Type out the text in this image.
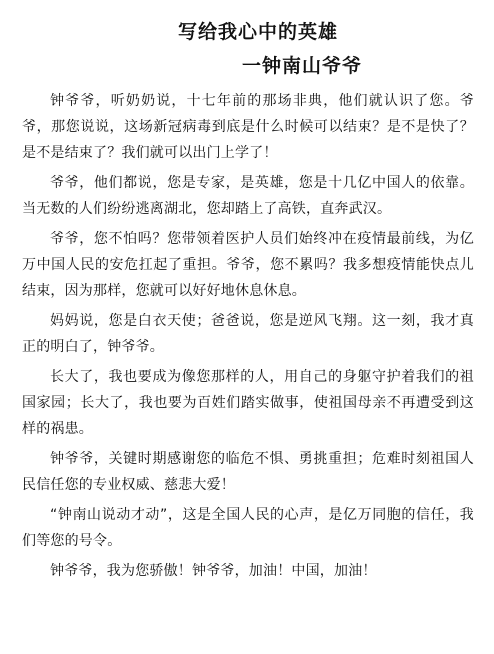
写给我心中的英雄
一钟南山爷爷

钟爷爷，听奶奶说，十七年前的那场非典，他们就认识了您。爷爷，那您说说，这场新冠病毒到底是什么时候可以结束？是不是快了？是不是结束了？我们就可以出门上学了！

爷爷，他们都说，您是专家，是英雄，您是十几亿中国人的依靠。当无数的人们纷纷逃离湖北，您却踏上了高铁，直奔武汉。

爷爷，您不怕吗？您带领着医护人员们始终冲在疫情最前线，为亿万中国人民的安危扛起了重担。爷爷，您不累吗？我多想疫情能快点儿结束，因为那样，您就可以好好地休息休息。

妈妈说，您是白衣天使；爸爸说，您是逆风飞翔。这一刻，我才真正的明白了，钟爷爷。

长大了，我也要成为像您那样的人，用自己的身躯守护着我们的祖国家园；长大了，我也要为百姓们踏实做事，使祖国母亲不再遭受到这样的祸患。

钟爷爷，关键时期感谢您的临危不惧、勇挑重担；危难时刻祖国人民信任您的专业权威、慈悲大爱！

“钟南山说动才动”，这是全国人民的心声，是亿万同胞的信任，我们等您的号令。

钟爷爷，我为您骄傲！钟爷爷，加油！中国，加油！
